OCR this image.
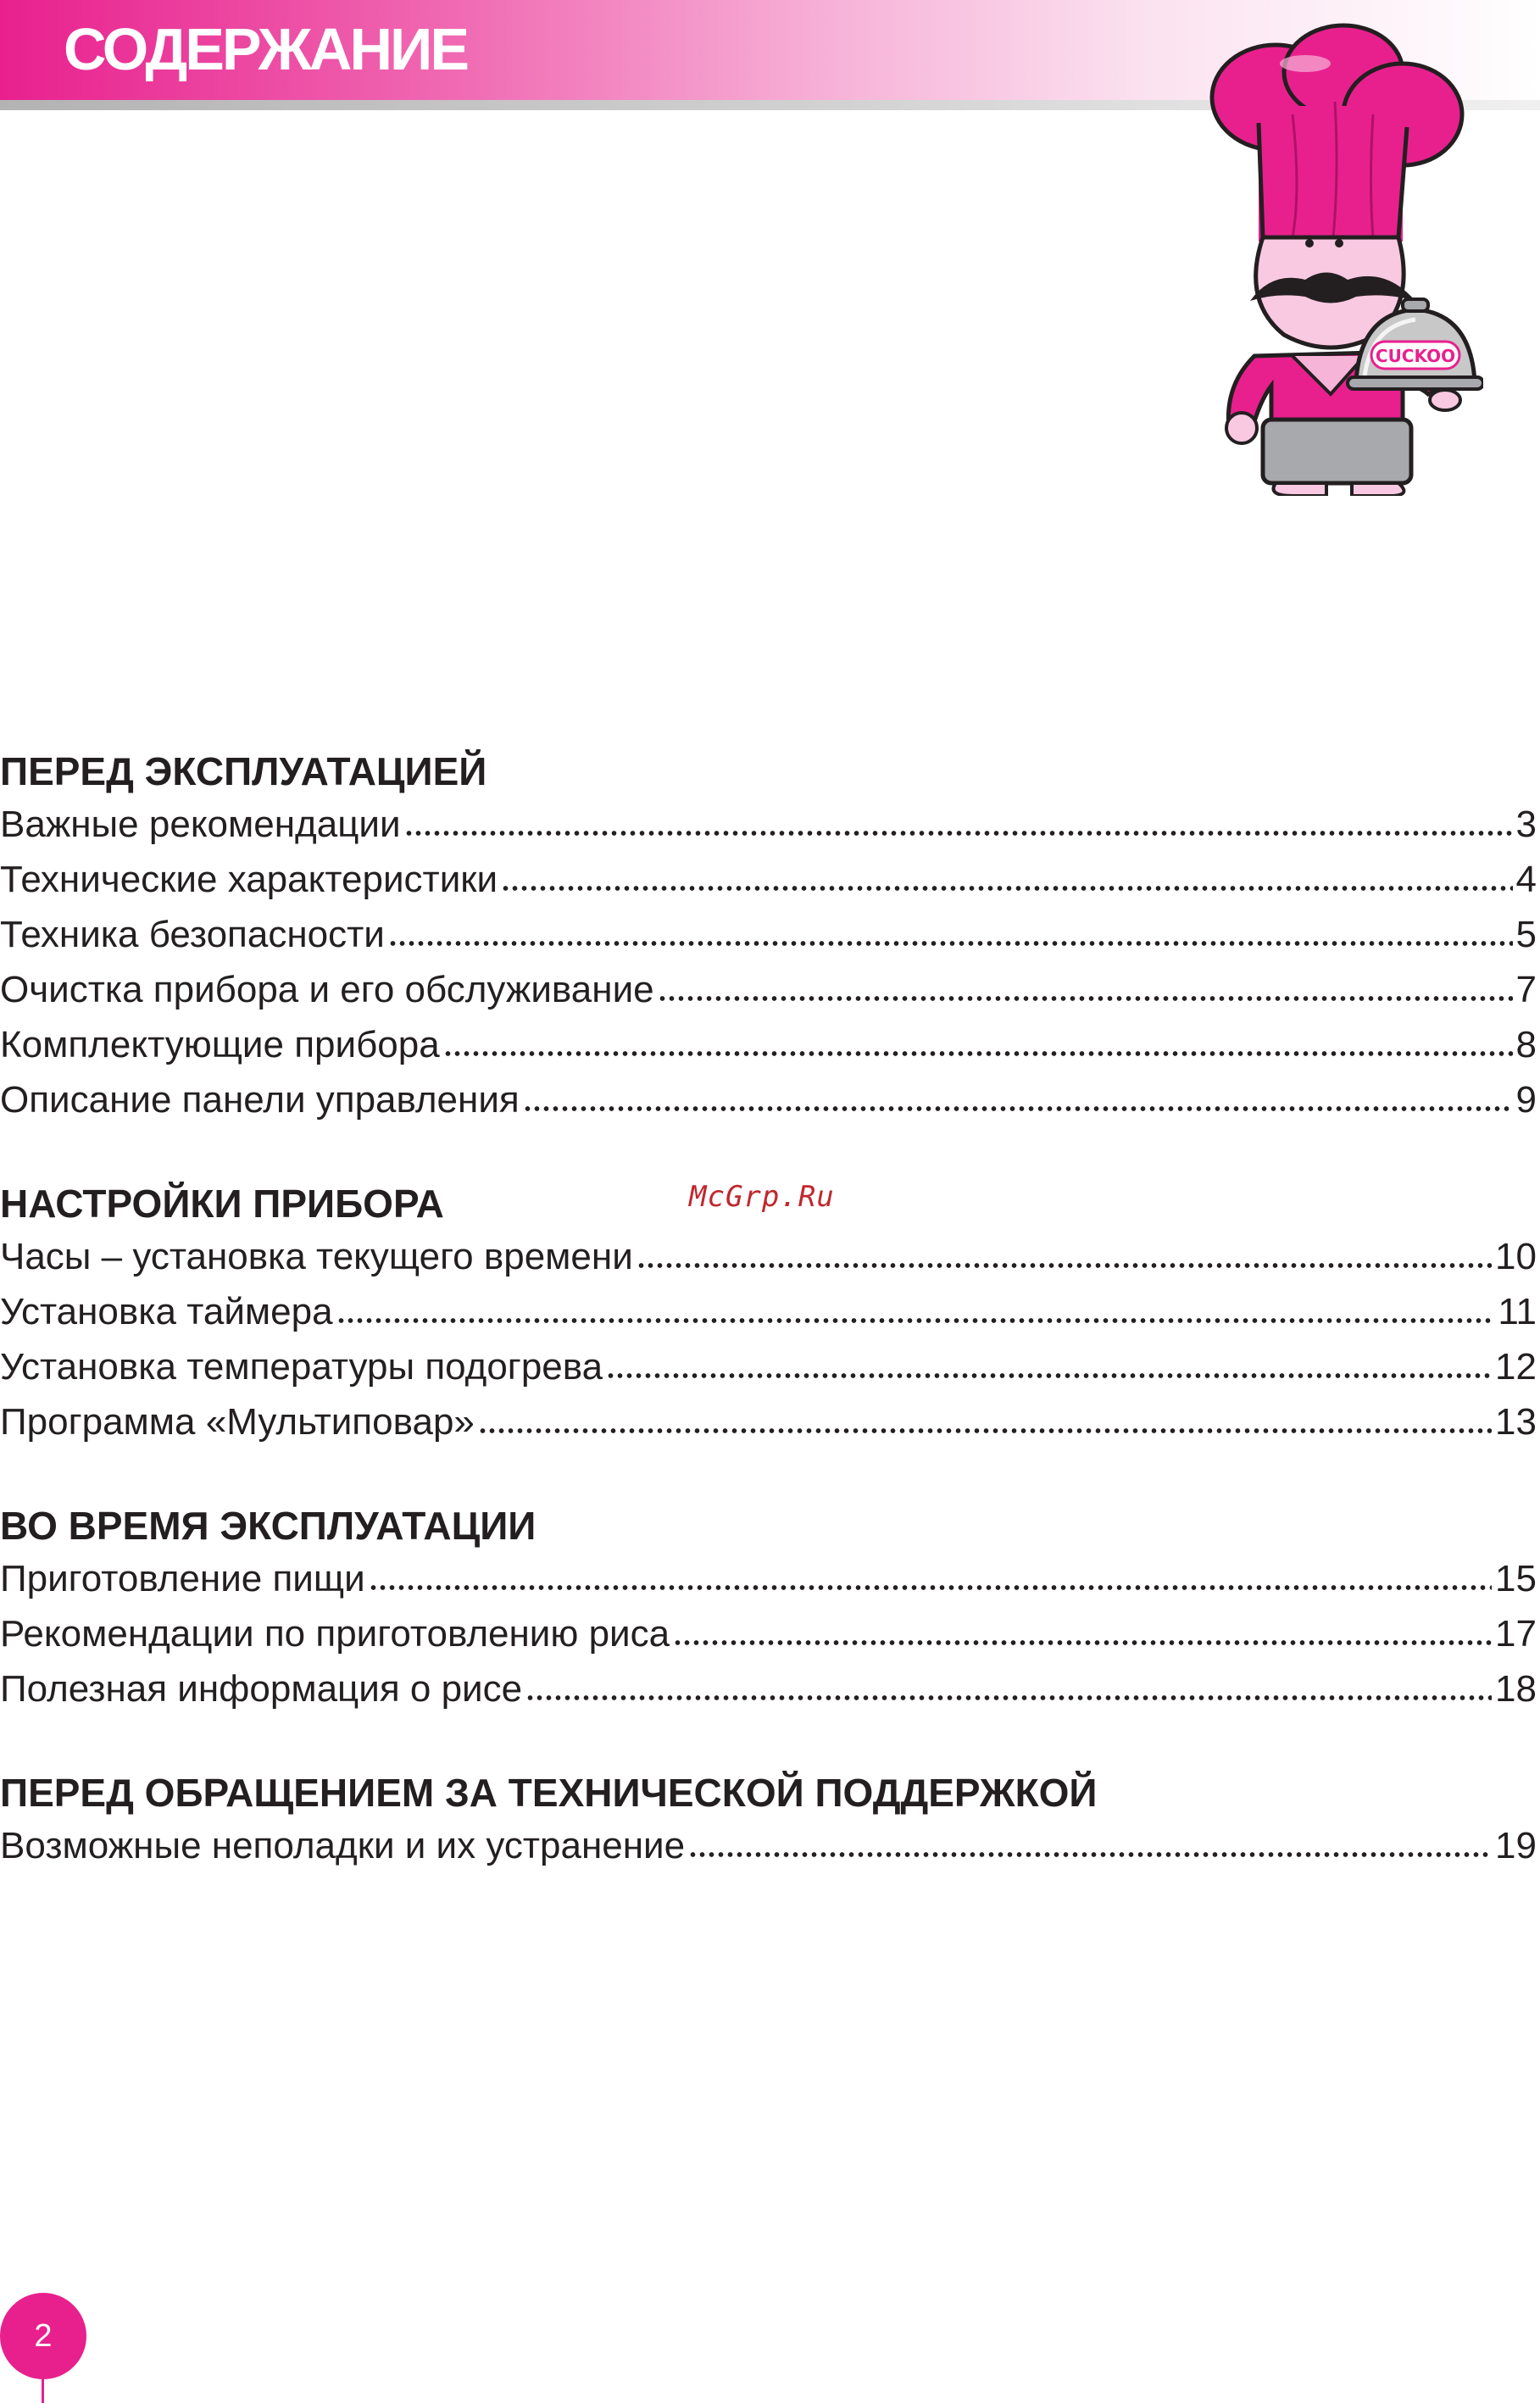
СОДЕРЖАНИЕ
CUCKOO
McGrp.Ru
ПЕРЕД ЭКСПЛУАТАЦИЕЙ
Важные рекомендации	3
Технические характеристики	4
Техника безопасности	5
Очистка прибора и его обслуживание	7
Комплектующие прибора	8
Описание панели управления	9
НАСТРОЙКИ ПРИБОРА
Часы – установка текущего времени	10
Установка таймера	11
Установка температуры подогрева	12
Программа «Мультиповар»	13
ВО ВРЕМЯ ЭКСПЛУАТАЦИИ
Приготовление пищи	15
Рекомендации по приготовлению риса	17
Полезная информация о рисе	18
ПЕРЕД ОБРАЩЕНИЕМ ЗА ТЕХНИЧЕСКОЙ ПОДДЕРЖКОЙ
Возможные неполадки и их устранение	19
2
